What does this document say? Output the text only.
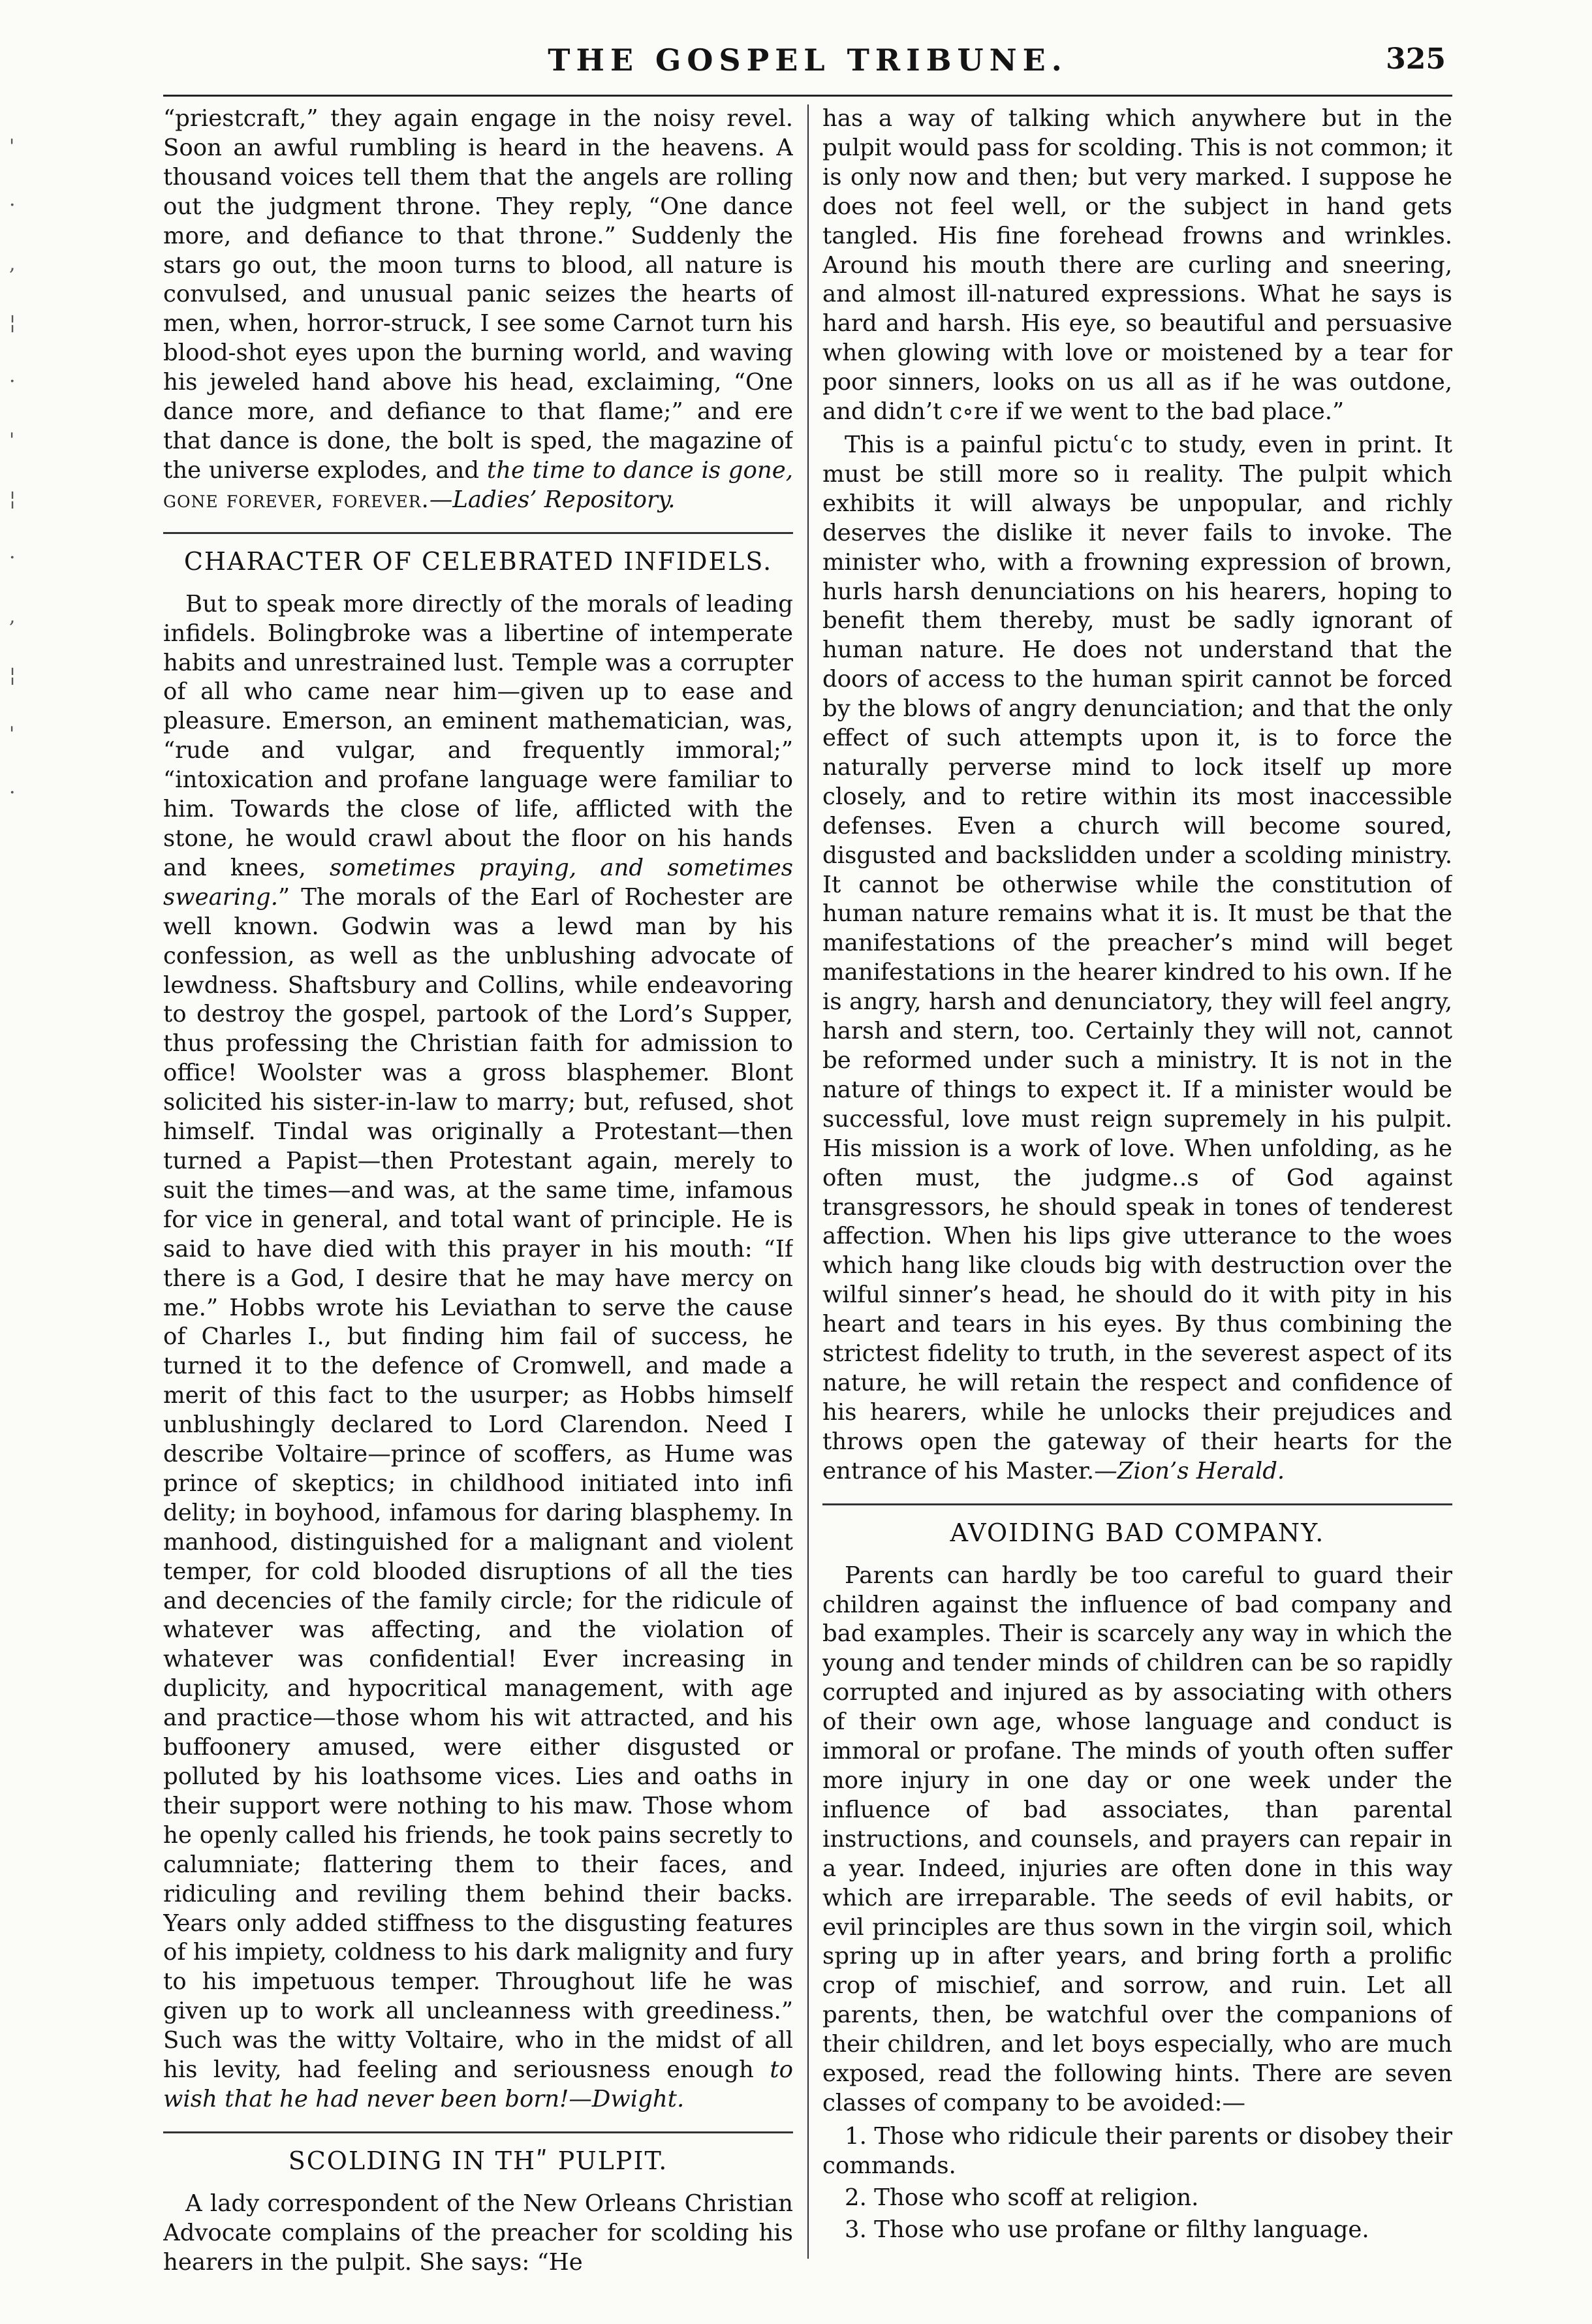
THE GOSPEL TRIBUNE.	325
'
·
,
¦
·
'
¦
·
,
¦
'
·

“priestcraft,” they again engage in the noisy revel. Soon an awful rumbling is heard in the heavens. A thousand voices tell them that the angels are rolling out the judgment throne. They reply, “One dance more, and defiance to that throne.” Suddenly the stars go out, the moon turns to blood, all nature is convulsed, and unusual panic seizes the hearts of men, when, horror-struck, I see some Carnot turn his blood-shot eyes upon the burning world, and waving his jeweled hand above his head, exclaiming, “One dance more, and defiance to that flame;” and ere that dance is done, the bolt is sped, the magazine of the universe explodes, and the time to dance is gone, gone forever, forever.—Ladies’ Repository.

CHARACTER OF CELEBRATED INFIDELS.

But to speak more directly of the morals of leading infidels. Bolingbroke was a libertine of intemperate habits and unrestrained lust. Temple was a corrupter of all who came near him—given up to ease and pleasure. Emerson, an eminent mathematician, was, “rude and vulgar, and frequently immoral;” “intoxication and profane language were familiar to him. Towards the close of life, afflicted with the stone, he would crawl about the floor on his hands and knees, sometimes praying, and sometimes swearing.” The morals of the Earl of Rochester are well known. Godwin was a lewd man by his confession, as well as the unblushing advocate of lewdness. Shaftsbury and Collins, while endeavoring to destroy the gospel, partook of the Lord’s Supper, thus professing the Christian faith for admission to office! Woolster was a gross blasphemer. Blont solicited his sister-in-law to marry; but, refused, shot himself. Tindal was originally a Protestant—then turned a Papist—then Protestant again, merely to suit the times—and was, at the same time, infamous for vice in general, and total want of principle. He is said to have died with this prayer in his mouth: “If there is a God, I desire that he may have mercy on me.” Hobbs wrote his Leviathan to serve the cause of Charles I., but finding him fail of success, he turned it to the defence of Cromwell, and made a merit of this fact to the usurper; as Hobbs himself unblushingly declared to Lord Clarendon. Need I describe Voltaire—prince of scoffers, as Hume was prince of skeptics; in childhood initiated into infi delity; in boyhood, infamous for daring blasphemy. In manhood, distinguished for a malignant and violent temper, for cold blooded disruptions of all the ties and decencies of the family circle; for the ridicule of whatever was affecting, and the violation of whatever was confidential! Ever increasing in duplicity, and hypocritical management, with age and practice—those whom his wit attracted, and his buffoonery amused, were either disgusted or polluted by his loathsome vices. Lies and oaths in their support were nothing to his maw. Those whom he openly called his friends, he took pains secretly to calumniate; flattering them to their faces, and ridiculing and reviling them behind their backs. Years only added stiffness to the disgusting features of his impiety, coldness to his dark malignity and fury to his impetuous temper. Throughout life he was given up to work all uncleanness with greediness.” Such was the witty Voltaire, who in the midst of all his levity, had feeling and seriousness enough to wish that he had never been born!—Dwight.

SCOLDING IN THʺ PULPIT.

A lady correspondent of the New Orleans Christian Advocate complains of the preacher for scolding his hearers in the pulpit. She says: “He

has a way of talking which anywhere but in the pulpit would pass for scolding. This is not common; it is only now and then; but very marked. I suppose he does not feel well, or the subject in hand gets tangled. His fine forehead frowns and wrinkles. Around his mouth there are curling and sneering, and almost ill-natured expressions. What he says is hard and harsh. His eye, so beautiful and persuasive when glowing with love or moistened by a tear for poor sinners, looks on us all as if he was outdone, and didn’t c∘re if we went to the bad place.”

This is a painful pictuʿc to study, even in print. It must be still more so iı reality. The pulpit which exhibits it will always be unpopular, and richly deserves the dislike it never fails to invoke. The minister who, with a frowning expression of brown, hurls harsh denunciations on his hearers, hoping to benefit them thereby, must be sadly ignorant of human nature. He does not understand that the doors of access to the human spirit cannot be forced by the blows of angry denunciation; and that the only effect of such attempts upon it, is to force the naturally perverse mind to lock itself up more closely, and to retire within its most inaccessible defenses. Even a church will become soured, disgusted and backslidden under a scolding ministry. It cannot be otherwise while the constitution of human nature remains what it is. It must be that the manifestations of the preacher’s mind will beget manifestations in the hearer kindred to his own. If he is angry, harsh and denunciatory, they will feel angry, harsh and stern, too. Certainly they will not, cannot be reformed under such a ministry. It is not in the nature of things to expect it. If a minister would be successful, love must reign supremely in his pulpit. His mission is a work of love. When unfolding, as he often must, the judgme․․s of God against transgressors, he should speak in tones of tenderest affection. When his lips give utterance to the woes which hang like clouds big with destruction over the wilful sinner’s head, he should do it with pity in his heart and tears in his eyes. By thus combining the strictest fidelity to truth, in the severest aspect of its nature, he will retain the respect and confidence of his hearers, while he unlocks their prejudices and throws open the gateway of their hearts for the entrance of his Master.—Zion’s Herald.

AVOIDING BAD COMPANY.

Parents can hardly be too careful to guard their children against the influence of bad company and bad examples. Their is scarcely any way in which the young and tender minds of children can be so rapidly corrupted and injured as by associating with others of their own age, whose language and conduct is immoral or profane. The minds of youth often suffer more injury in one day or one week under the influence of bad associates, than parental instructions, and counsels, and prayers can repair in a year. Indeed, injuries are often done in this way which are irreparable. The seeds of evil habits, or evil principles are thus sown in the virgin soil, which spring up in after years, and bring forth a prolific crop of mischief, and sorrow, and ruin. Let all parents, then, be watchful over the companions of their children, and let boys especially, who are much exposed, read the following hints. There are seven classes of company to be avoided:—

1. Those who ridicule their parents or disobey their commands.

2. Those who scoff at religion.

3. Those who use profane or filthy language.
